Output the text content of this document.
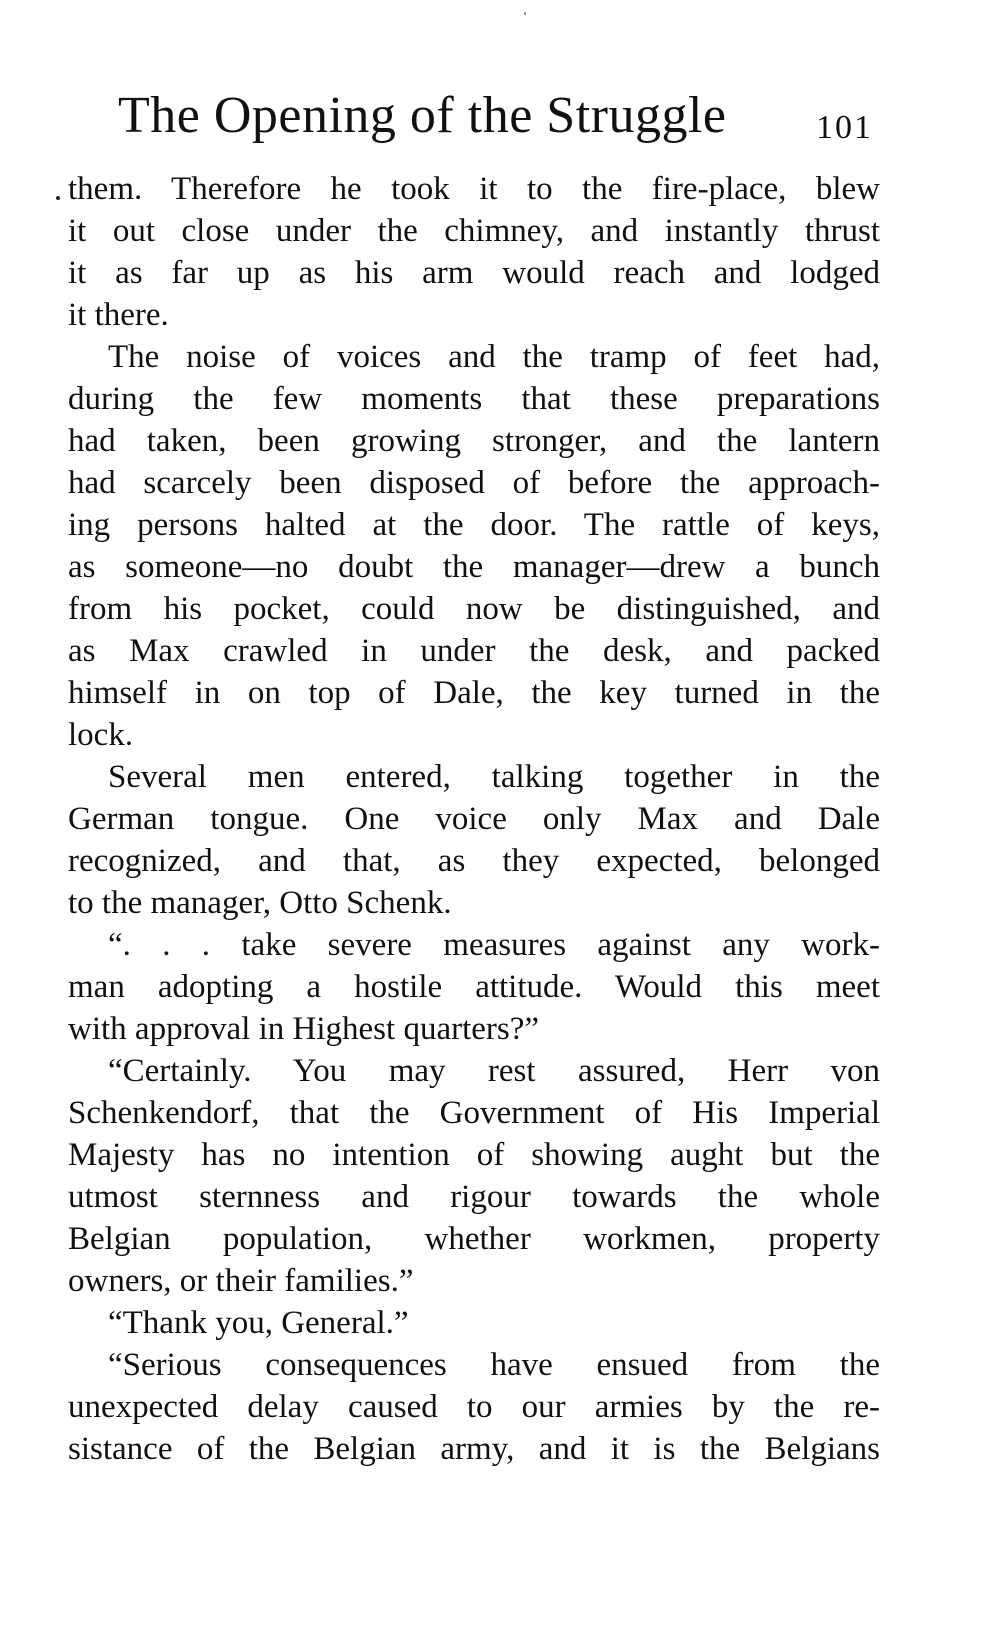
The Opening of the Struggle	101
them. Therefore he took it to the fire-place, blew
it out close under the chimney, and instantly thrust
it as far up as his arm would reach and lodged
it there.
The noise of voices and the tramp of feet had,
during the few moments that these preparations
had taken, been growing stronger, and the lantern
had scarcely been disposed of before the approach-
ing persons halted at the door. The rattle of keys,
as someone—no doubt the manager—drew a bunch
from his pocket, could now be distinguished, and
as Max crawled in under the desk, and packed
himself in on top of Dale, the key turned in the
lock.
Several men entered, talking together in the
German tongue. One voice only Max and Dale
recognized, and that, as they expected, belonged
to the manager, Otto Schenk.
“. . . take severe measures against any work-
man adopting a hostile attitude. Would this meet
with approval in Highest quarters?”
“Certainly. You may rest assured, Herr von
Schenkendorf, that the Government of His Imperial
Majesty has no intention of showing aught but the
utmost sternness and rigour towards the whole
Belgian population, whether workmen, property
owners, or their families.”
“Thank you, General.”
“Serious consequences have ensued from the
unexpected delay caused to our armies by the re-
sistance of the Belgian army, and it is the Belgians
